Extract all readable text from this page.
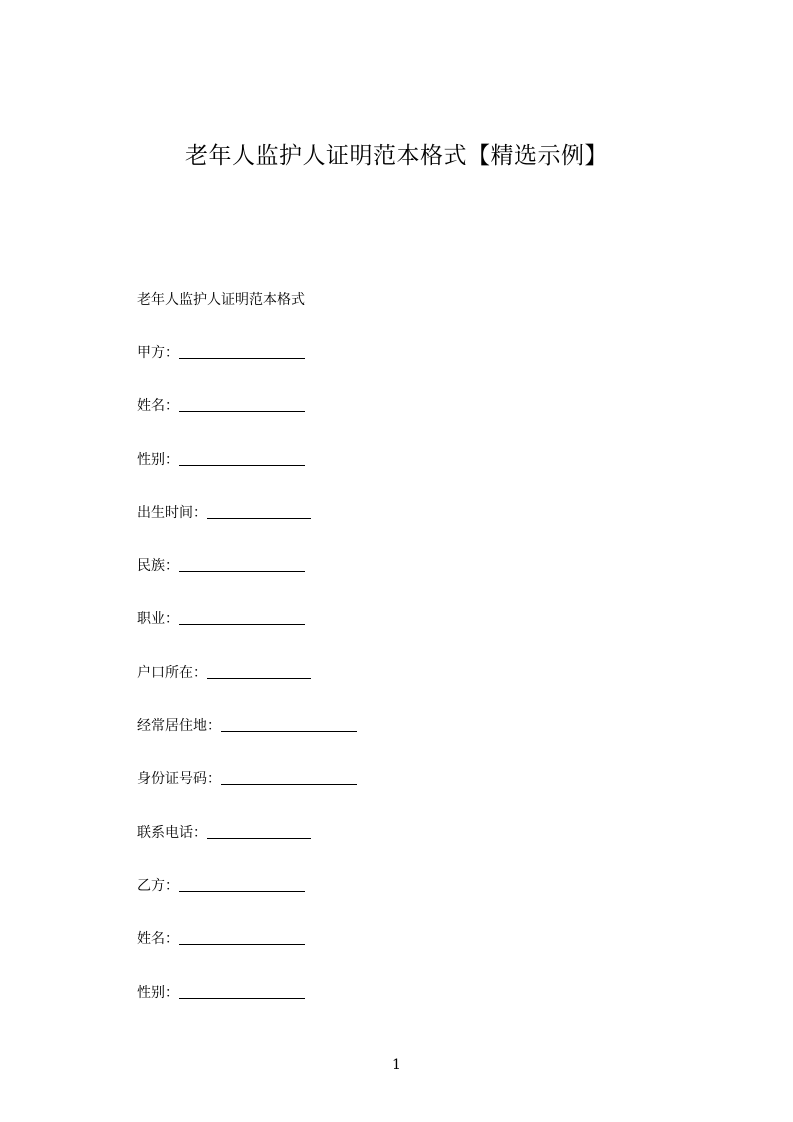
老年人监护人证明范本格式【精选示例】
老年人监护人证明范本格式
甲方：
姓名：
性别：
出生时间：
民族：
职业：
户口所在：
经常居住地：
身份证号码：
联系电话：
乙方：
姓名：
性别：
1
